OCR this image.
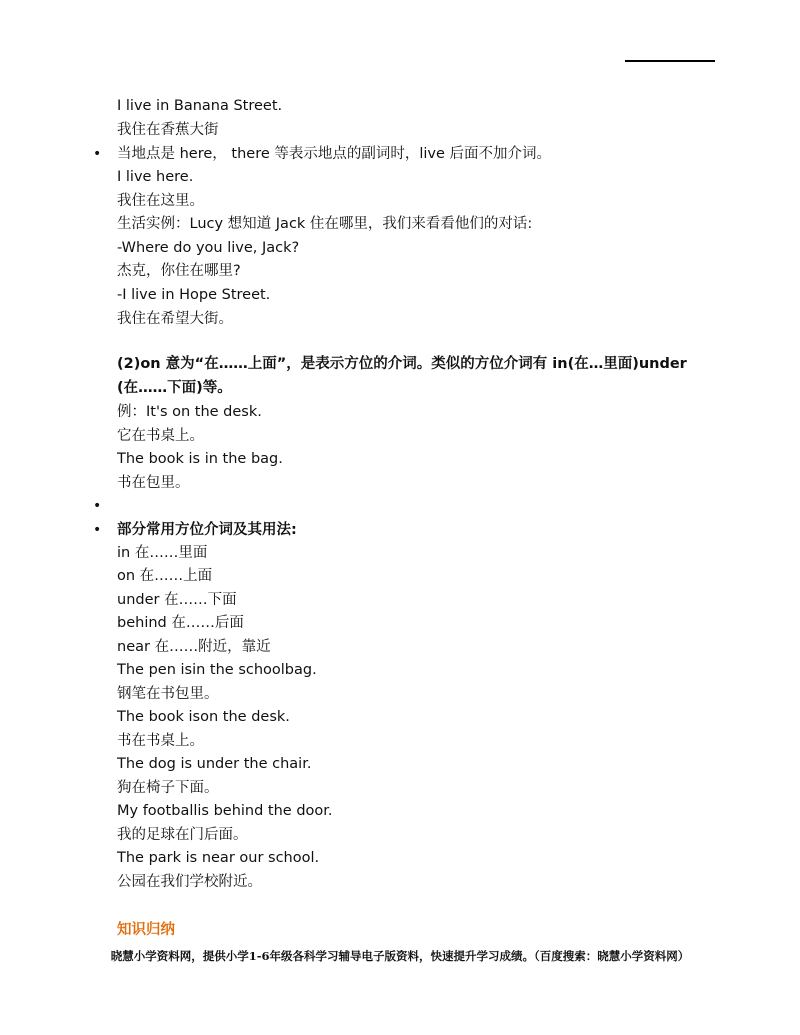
I live in Banana Street.
我住在香蕉大街
• 当地点是 here， there 等表示地点的副词时，live 后面不加介词。
I live here.
我住在这里。
生活实例：Lucy 想知道 Jack 住在哪里，我们来看看他们的对话:
-Where do you live, Jack?
杰克，你住在哪里?
-I live in Hope Street.
我住在希望大街。
(2)on 意为“在……上面”，是表示方位的介词。类似的方位介词有 in(在…里面)under
(在……下面)等。
例：It's on the desk.
它在书桌上。
The book is in the bag.
书在包里。
•
• 部分常用方位介词及其用法:
in 在……里面
on 在……上面
under 在……下面
behind 在……后面
near 在……附近，靠近
The pen isin the schoolbag.
钢笔在书包里。
The book ison the desk.
书在书桌上。
The dog is under the chair.
狗在椅子下面。
My footballis behind the door.
我的足球在门后面。
The park is near our school.
公园在我们学校附近。
知识归纳
晓慧小学资料网，提供小学1-6年级各科学习辅导电子版资料，快速提升学习成绩。（百度搜索：晓慧小学资料网）
